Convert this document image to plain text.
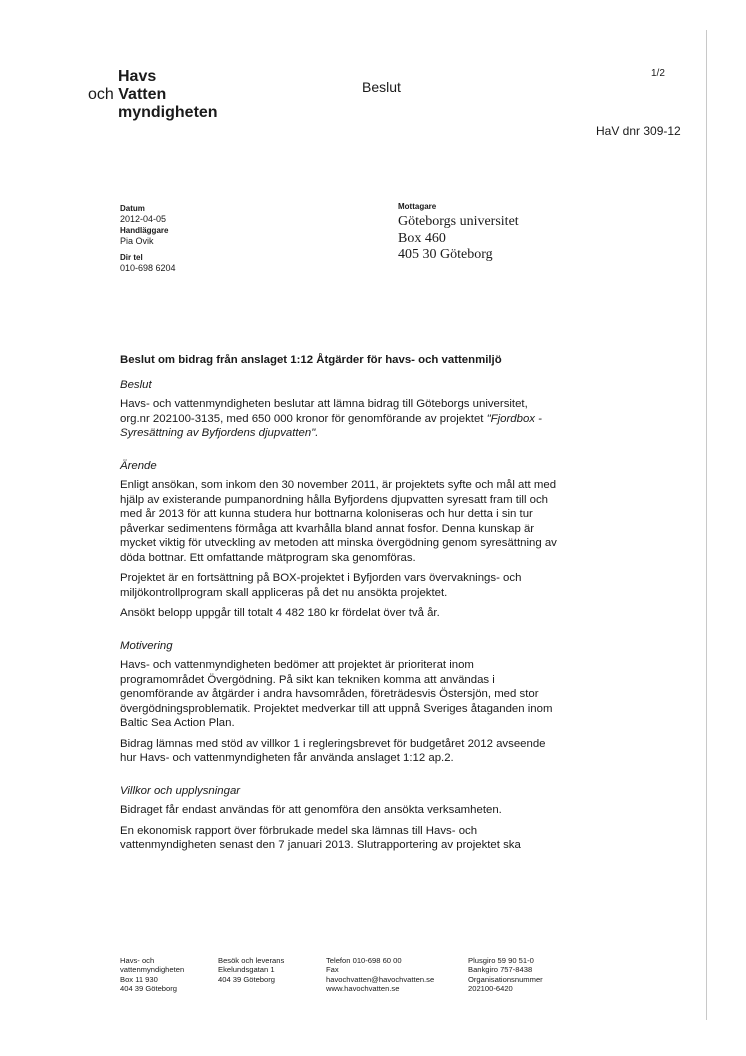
Havs
och Vatten
myndigheten
Beslut
1/2
HaV dnr 309-12
Datum
2012-04-05
Handläggare
Pia Ovik
Dir tel
010-698 6204
Mottagare
Göteborgs universitet
Box 460
405 30 Göteborg
Beslut om bidrag från anslaget 1:12 Åtgärder för havs- och vattenmiljö
Beslut

Havs- och vattenmyndigheten beslutar att lämna bidrag till Göteborgs universitet, org.nr 202100-3135, med 650 000 kronor för genomförande av projektet "Fjordbox - Syresättning av Byfjordens djupvatten".

Ärende

Enligt ansökan, som inkom den 30 november 2011, är projektets syfte och mål att med hjälp av existerande pumpanordning hålla Byfjordens djupvatten syresatt fram till och med år 2013 för att kunna studera hur bottnarna koloniseras och hur detta i sin tur påverkar sedimentens förmåga att kvarhålla bland annat fosfor. Denna kunskap är mycket viktig för utveckling av metoden att minska övergödning genom syresättning av döda bottnar. Ett omfattande mätprogram ska genomföras.

Projektet är en fortsättning på BOX-projektet i Byfjorden vars övervaknings- och miljökontrollprogram skall appliceras på det nu ansökta projektet.

Ansökt belopp uppgår till totalt 4 482 180 kr fördelat över två år.

Motivering

Havs- och vattenmyndigheten bedömer att projektet är prioriterat inom programområdet Övergödning. På sikt kan tekniken komma att användas i genomförande av åtgärder i andra havsområden, företrädesvis Östersjön, med stor övergödningsproblematik. Projektet medverkar till att uppnå Sveriges åtaganden inom Baltic Sea Action Plan.

Bidrag lämnas med stöd av villkor 1 i regleringsbrevet för budgetåret 2012 avseende hur Havs- och vattenmyndigheten får använda anslaget 1:12 ap.2.

Villkor och upplysningar

Bidraget får endast användas för att genomföra den ansökta verksamheten.

En ekonomisk rapport över förbrukade medel ska lämnas till Havs- och vattenmyndigheten senast den 7 januari 2013. Slutrapportering av projektet ska

Havs- och
vattenmyndigheten
Box 11 930
404 39 Göteborg
Besök och leverans
Ekelundsgatan 1
404 39 Göteborg
Telefon 010-698 60 00
Fax
havochvatten@havochvatten.se
www.havochvatten.se
Plusgiro 59 90 51-0
Bankgiro 757-8438
Organisationsnummer
202100-6420
